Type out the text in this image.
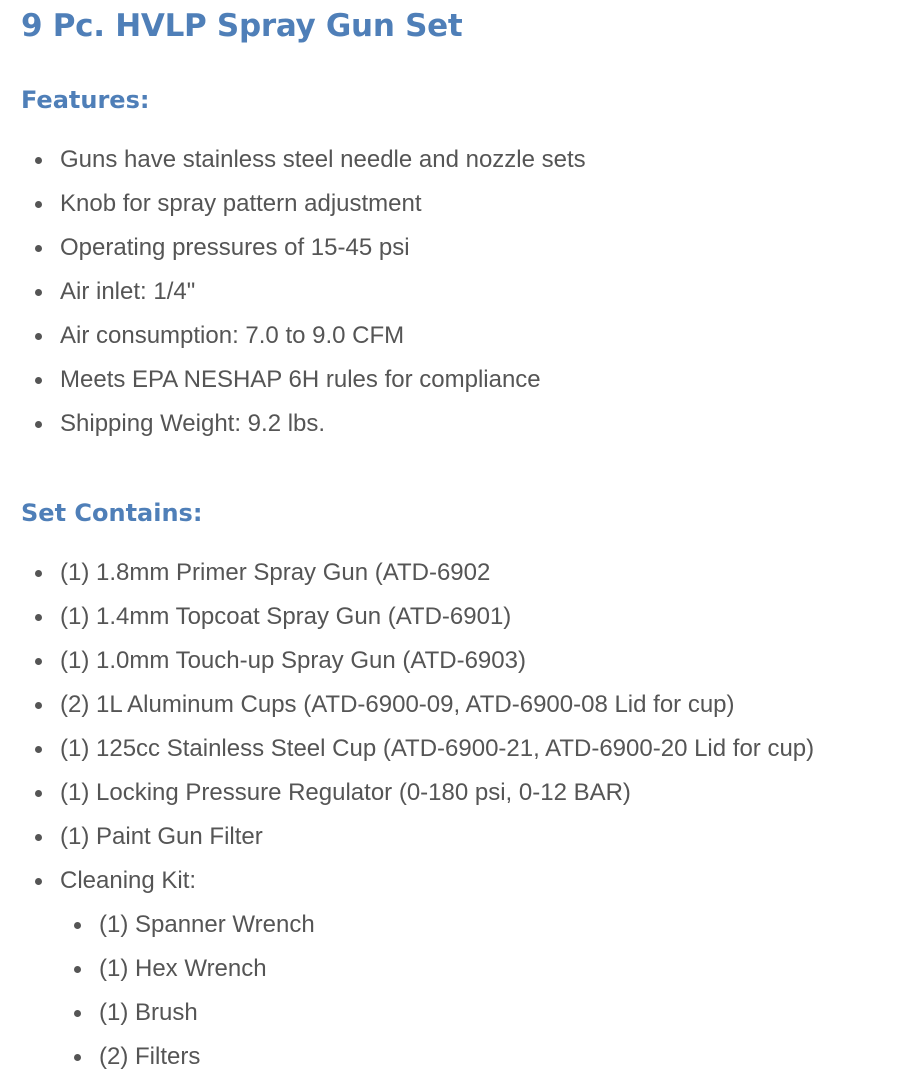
9 Pc. HVLP Spray Gun Set
Features:
Guns have stainless steel needle and nozzle sets
Knob for spray pattern adjustment
Operating pressures of 15-45 psi
Air inlet: 1/4"
Air consumption: 7.0 to 9.0 CFM
Meets EPA NESHAP 6H rules for compliance
Shipping Weight: 9.2 lbs.
Set Contains:
(1) 1.8mm Primer Spray Gun (ATD-6902
(1) 1.4mm Topcoat Spray Gun (ATD-6901)
(1) 1.0mm Touch-up Spray Gun (ATD-6903)
(2) 1L Aluminum Cups (ATD-6900-09, ATD-6900-08 Lid for cup)
(1) 125cc Stainless Steel Cup (ATD-6900-21, ATD-6900-20 Lid for cup)
(1) Locking Pressure Regulator (0-180 psi, 0-12 BAR)
(1) Paint Gun Filter
Cleaning Kit:
(1) Spanner Wrench
(1) Hex Wrench
(1) Brush
(2) Filters
